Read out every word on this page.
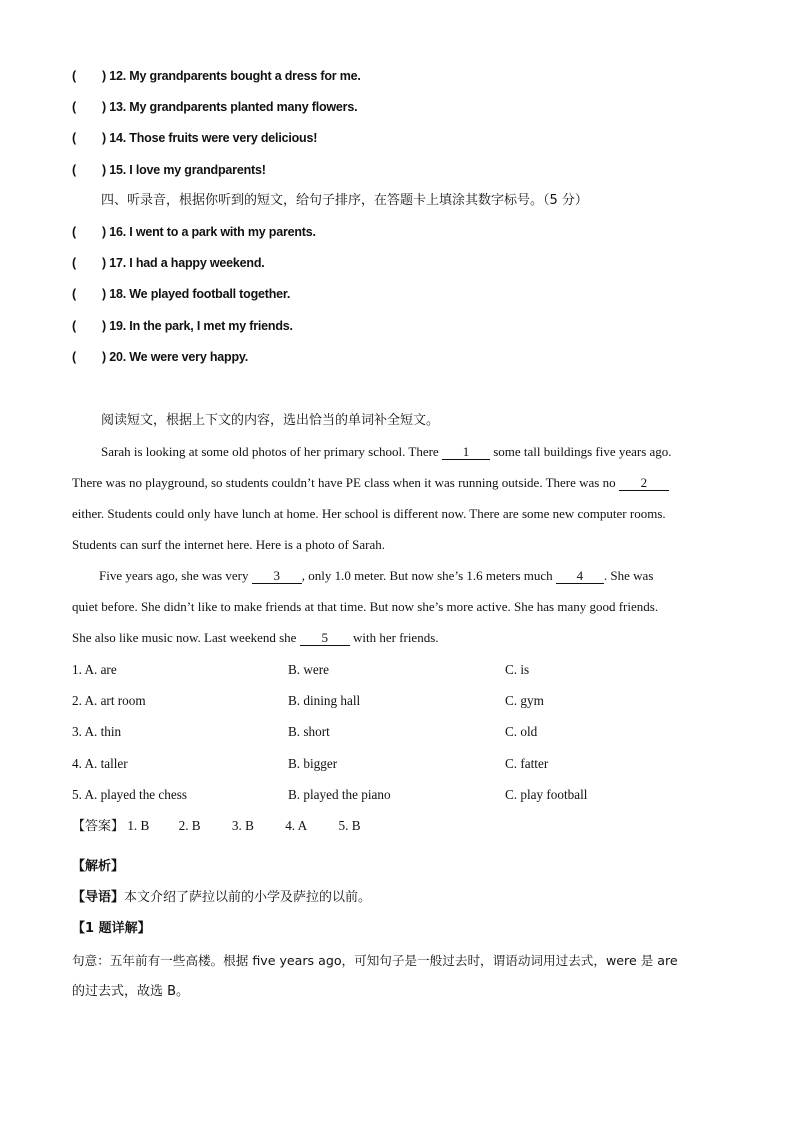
( ) 12. My grandparents bought a dress for me.
( ) 13. My grandparents planted many flowers.
( ) 14. Those fruits were very delicious!
( ) 15. I love my grandparents!
四、听录音，根据你听到的短文，给句子排序，在答题卡上填涂其数字标号。（5 分）
( ) 16. I went to a park with my parents.
( ) 17. I had a happy weekend.
( ) 18. We played football together.
( ) 19. In the park, I met my friends.
( ) 20. We were very happy.
阅读短文，根据上下文的内容，选出恰当的单词补全短文。
Sarah is looking at some old photos of her primary school. There 1 some tall buildings five years ago.
There was no playground, so students couldn’t have PE class when it was running outside. There was no 2
either. Students could only have lunch at home. Her school is different now. There are some new computer rooms.
Students can surf the internet here. Here is a photo of Sarah.
Five years ago, she was very 3 , only 1.0 meter. But now she’s 1.6 meters much 4 . She was
quiet before. She didn’t like to make friends at that time. But now she’s more active. She has many good friends.
She also like music now. Last weekend she 5 with her friends.
1. A. are	B. were	C. is
2. A. art room	B. dining hall	C. gym
3. A. thin	B. short	C. old
4. A. taller	B. bigger	C. fatter
5. A. played the chess	B. played the piano	C. play football
【答案】 1. B 2. B 3. B 4. A 5. B
【解析】
【导语】本文介绍了萨拉以前的小学及萨拉的以前。
【1 题详解】
句意：五年前有一些高楼。根据 five years ago，可知句子是一般过去时，谓语动词用过去式，were 是 are
的过去式，故选 B。
